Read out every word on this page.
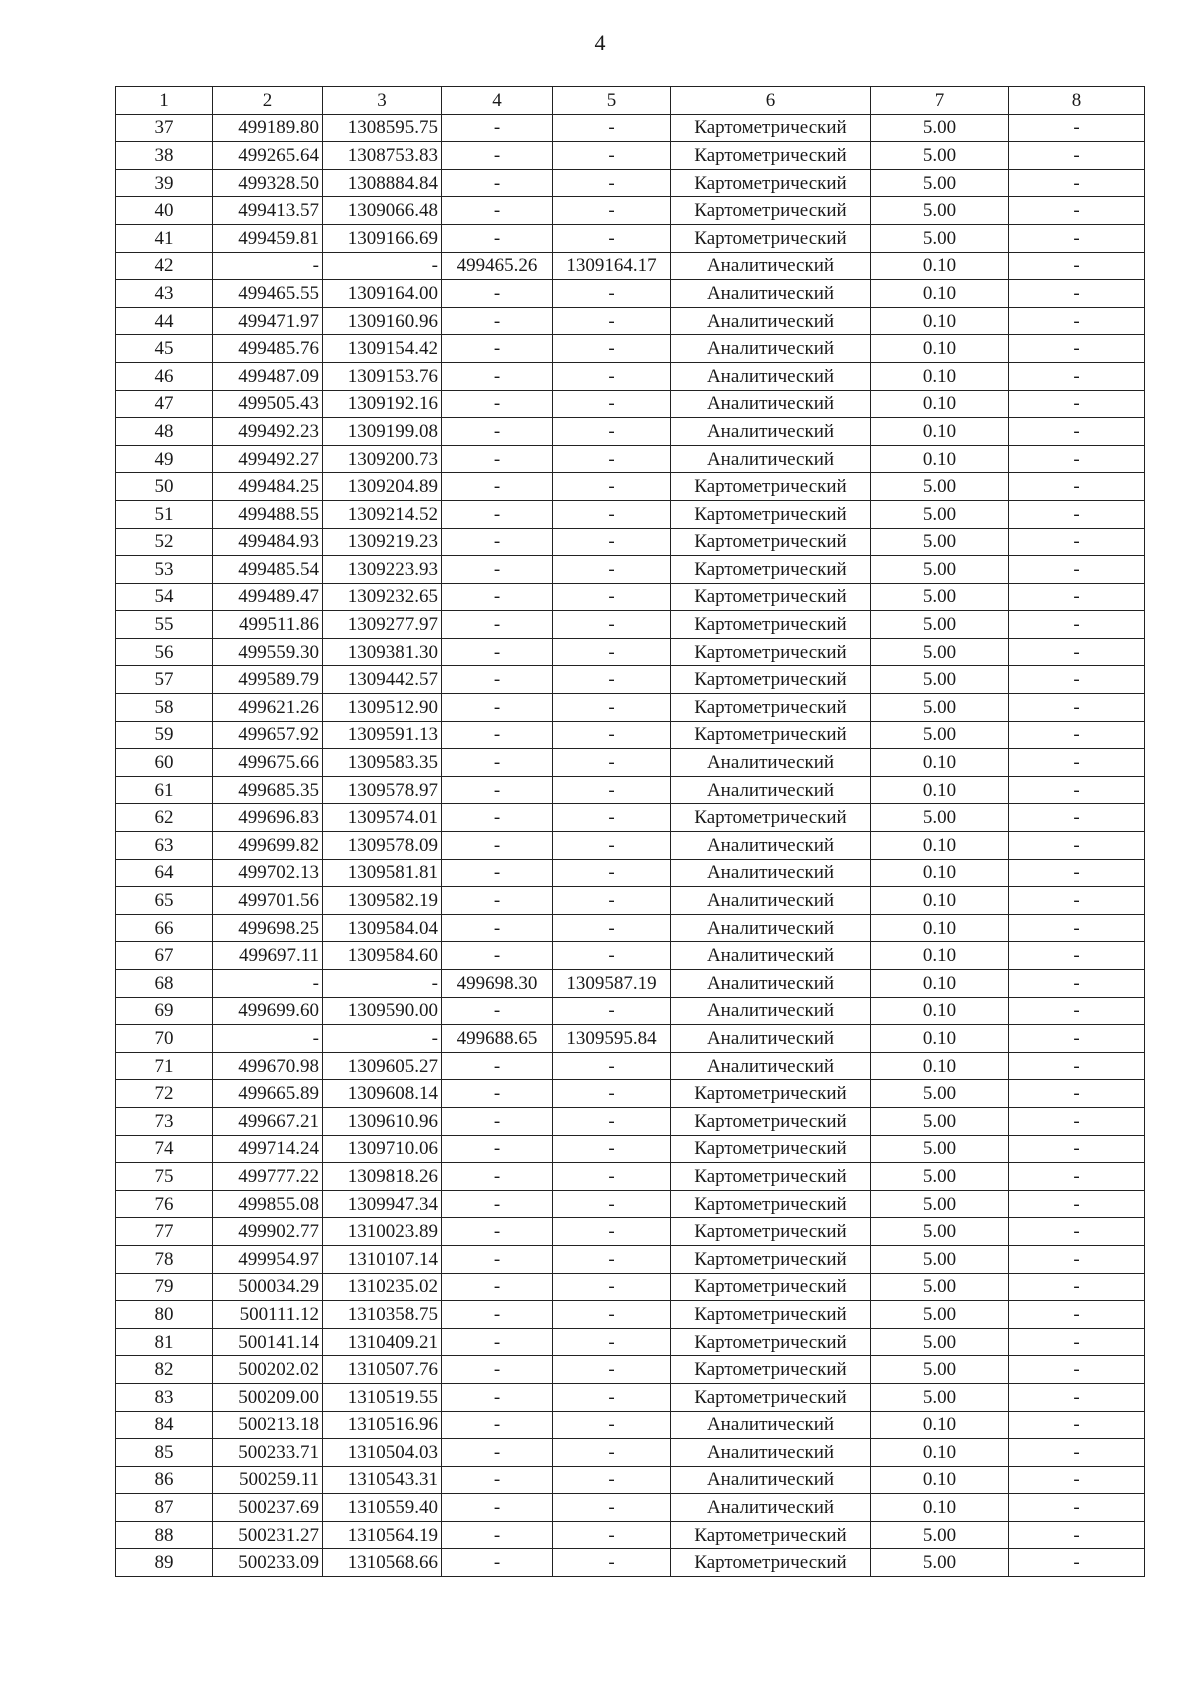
4
1	2	3	4	5	6	7	8
37	499189.80	1308595.75	-	-	Картометрический	5.00	-
38	499265.64	1308753.83	-	-	Картометрический	5.00	-
39	499328.50	1308884.84	-	-	Картометрический	5.00	-
40	499413.57	1309066.48	-	-	Картометрический	5.00	-
41	499459.81	1309166.69	-	-	Картометрический	5.00	-
42	-	-	499465.26	1309164.17	Аналитический	0.10	-
43	499465.55	1309164.00	-	-	Аналитический	0.10	-
44	499471.97	1309160.96	-	-	Аналитический	0.10	-
45	499485.76	1309154.42	-	-	Аналитический	0.10	-
46	499487.09	1309153.76	-	-	Аналитический	0.10	-
47	499505.43	1309192.16	-	-	Аналитический	0.10	-
48	499492.23	1309199.08	-	-	Аналитический	0.10	-
49	499492.27	1309200.73	-	-	Аналитический	0.10	-
50	499484.25	1309204.89	-	-	Картометрический	5.00	-
51	499488.55	1309214.52	-	-	Картометрический	5.00	-
52	499484.93	1309219.23	-	-	Картометрический	5.00	-
53	499485.54	1309223.93	-	-	Картометрический	5.00	-
54	499489.47	1309232.65	-	-	Картометрический	5.00	-
55	499511.86	1309277.97	-	-	Картометрический	5.00	-
56	499559.30	1309381.30	-	-	Картометрический	5.00	-
57	499589.79	1309442.57	-	-	Картометрический	5.00	-
58	499621.26	1309512.90	-	-	Картометрический	5.00	-
59	499657.92	1309591.13	-	-	Картометрический	5.00	-
60	499675.66	1309583.35	-	-	Аналитический	0.10	-
61	499685.35	1309578.97	-	-	Аналитический	0.10	-
62	499696.83	1309574.01	-	-	Картометрический	5.00	-
63	499699.82	1309578.09	-	-	Аналитический	0.10	-
64	499702.13	1309581.81	-	-	Аналитический	0.10	-
65	499701.56	1309582.19	-	-	Аналитический	0.10	-
66	499698.25	1309584.04	-	-	Аналитический	0.10	-
67	499697.11	1309584.60	-	-	Аналитический	0.10	-
68	-	-	499698.30	1309587.19	Аналитический	0.10	-
69	499699.60	1309590.00	-	-	Аналитический	0.10	-
70	-	-	499688.65	1309595.84	Аналитический	0.10	-
71	499670.98	1309605.27	-	-	Аналитический	0.10	-
72	499665.89	1309608.14	-	-	Картометрический	5.00	-
73	499667.21	1309610.96	-	-	Картометрический	5.00	-
74	499714.24	1309710.06	-	-	Картометрический	5.00	-
75	499777.22	1309818.26	-	-	Картометрический	5.00	-
76	499855.08	1309947.34	-	-	Картометрический	5.00	-
77	499902.77	1310023.89	-	-	Картометрический	5.00	-
78	499954.97	1310107.14	-	-	Картометрический	5.00	-
79	500034.29	1310235.02	-	-	Картометрический	5.00	-
80	500111.12	1310358.75	-	-	Картометрический	5.00	-
81	500141.14	1310409.21	-	-	Картометрический	5.00	-
82	500202.02	1310507.76	-	-	Картометрический	5.00	-
83	500209.00	1310519.55	-	-	Картометрический	5.00	-
84	500213.18	1310516.96	-	-	Аналитический	0.10	-
85	500233.71	1310504.03	-	-	Аналитический	0.10	-
86	500259.11	1310543.31	-	-	Аналитический	0.10	-
87	500237.69	1310559.40	-	-	Аналитический	0.10	-
88	500231.27	1310564.19	-	-	Картометрический	5.00	-
89	500233.09	1310568.66	-	-	Картометрический	5.00	-
